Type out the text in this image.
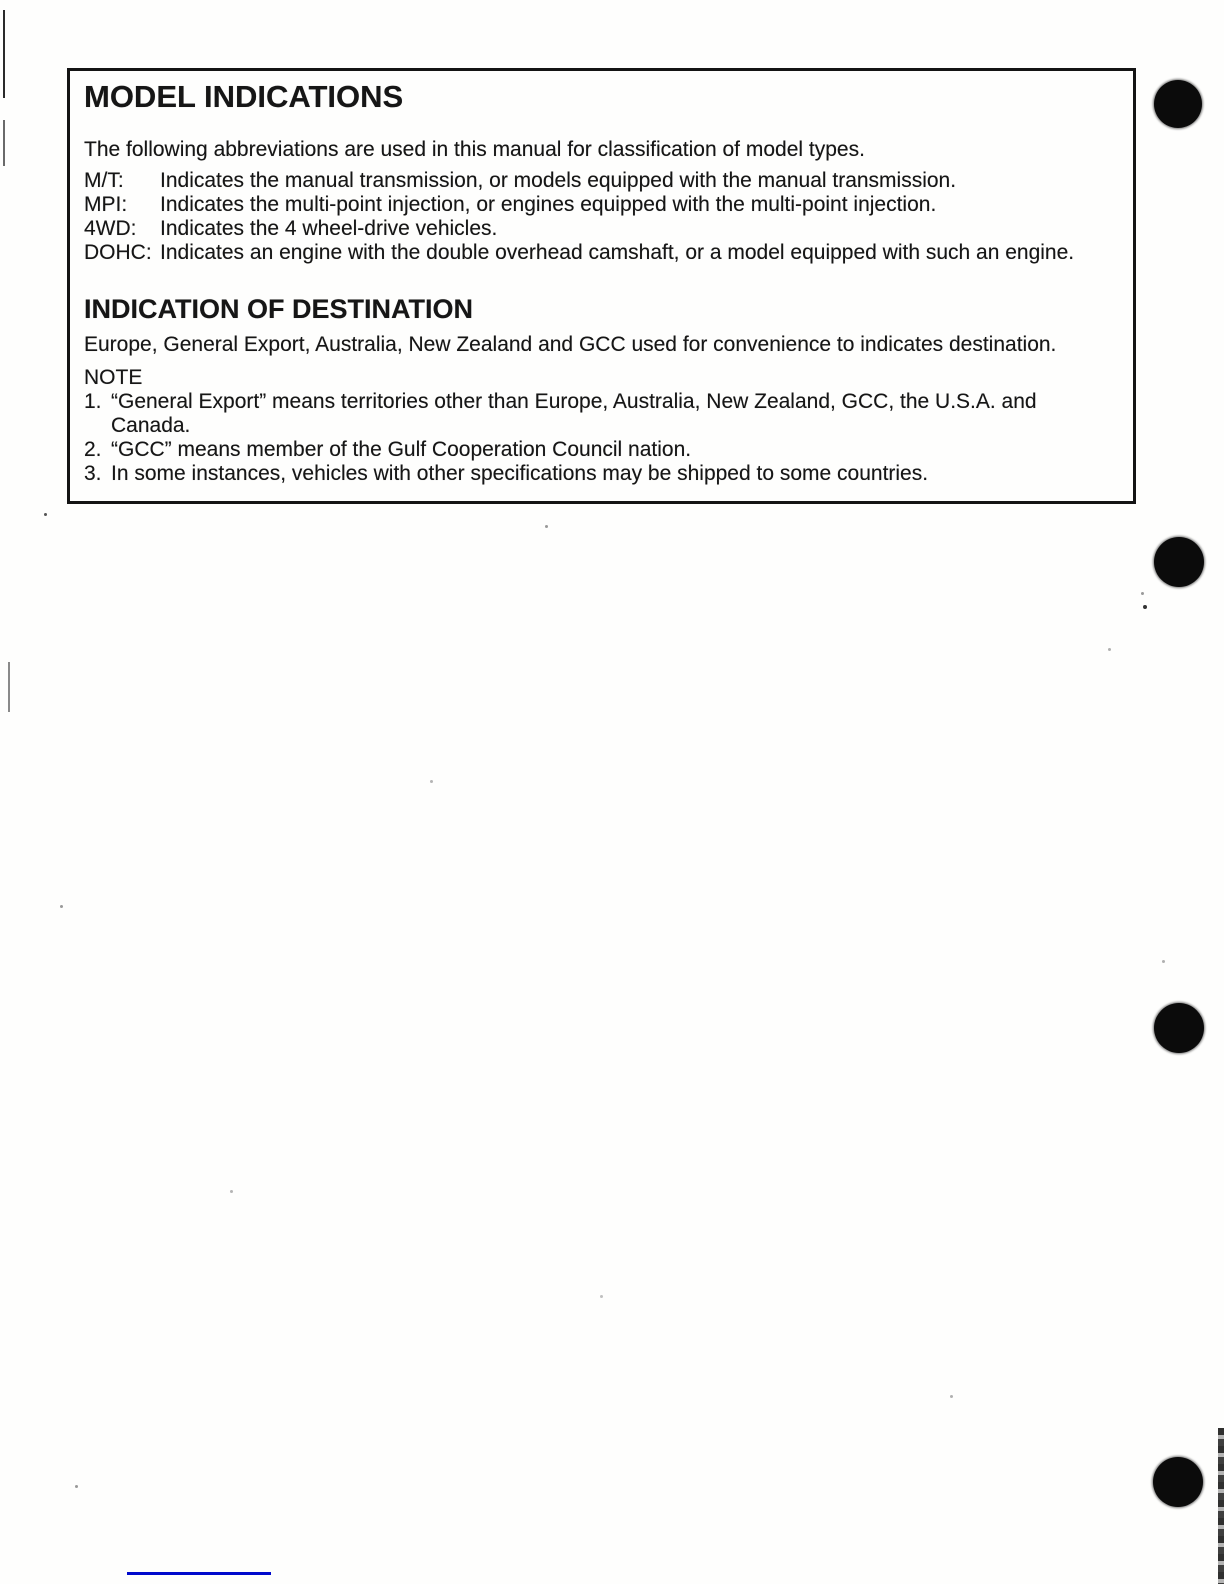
MODEL INDICATIONS

The following abbreviations are used in this manual for classification of model types.

M/T:	Indicates the manual transmission, or models equipped with the manual transmission.
MPI:	Indicates the multi-point injection, or engines equipped with the multi-point injection.
4WD:	Indicates the 4 wheel-drive vehicles.
DOHC: Indicates an engine with the double overhead camshaft, or a model equipped with such an engine.
INDICATION OF DESTINATION

Europe, General Export, Australia, New Zealand and GCC used for convenience to indicates destination.

NOTE
1. “General Export” means territories other than Europe, Australia, New Zealand, GCC, the U.S.A. and
Canada.
2. “GCC” means member of the Gulf Cooperation Council nation.
3. In some instances, vehicles with other specifications may be shipped to some countries.
